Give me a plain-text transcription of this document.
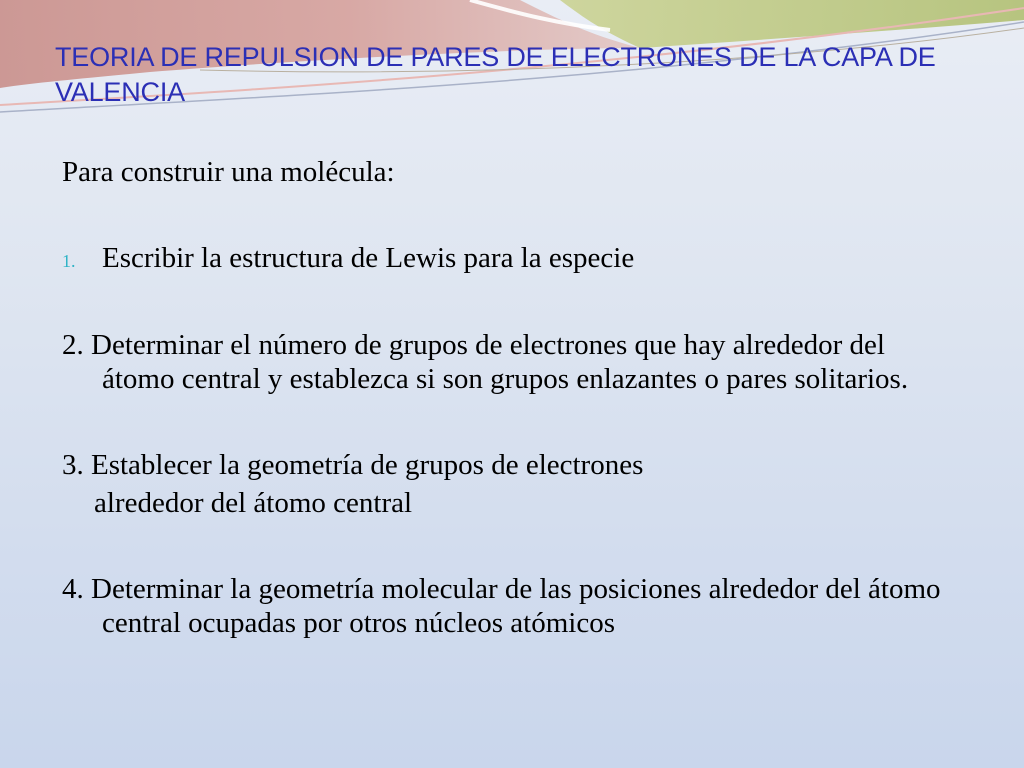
TEORIA DE REPULSION DE PARES DE ELECTRONES DE LA CAPA DE VALENCIA

Para construir una molécula:

1. Escribir la estructura de Lewis para la especie

2. Determinar el número de grupos de electrones que hay alrededor del átomo central y establezca si son grupos enlazantes o pares solitarios.

3. Establecer la geometría de grupos de electrones
alrededor del átomo central

4. Determinar la geometría molecular de las posiciones alrededor del átomo central ocupadas por otros núcleos atómicos
